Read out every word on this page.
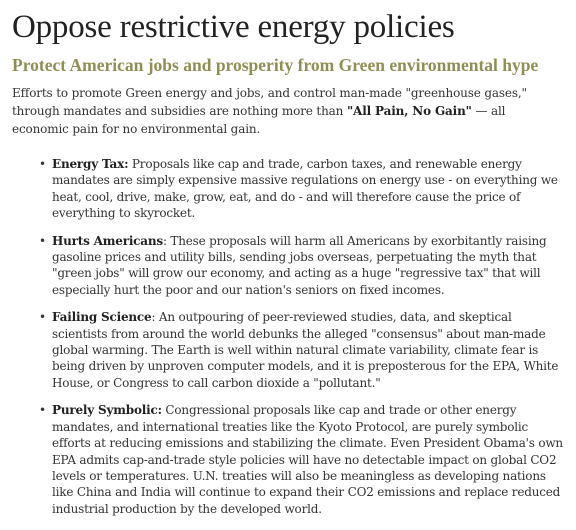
Oppose restrictive energy policies
Protect American jobs and prosperity from Green environmental hype

Efforts to promote Green energy and jobs, and control man-made "greenhouse gases," through mandates and subsidies are nothing more than "All Pain, No Gain" — all economic pain for no environmental gain.

• Energy Tax: Proposals like cap and trade, carbon taxes, and renewable energy mandates are simply expensive massive regulations on energy use - on everything we heat, cool, drive, make, grow, eat, and do - and will therefore cause the price of everything to skyrocket.
• Hurts Americans: These proposals will harm all Americans by exorbitantly raising gasoline prices and utility bills, sending jobs overseas, perpetuating the myth that "green jobs" will grow our economy, and acting as a huge "regressive tax" that will especially hurt the poor and our nation's seniors on fixed incomes.
• Failing Science: An outpouring of peer-reviewed studies, data, and skeptical scientists from around the world debunks the alleged "consensus" about man-made global warming. The Earth is well within natural climate variability, climate fear is being driven by unproven computer models, and it is preposterous for the EPA, White House, or Congress to call carbon dioxide a "pollutant."
• Purely Symbolic: Congressional proposals like cap and trade or other energy mandates, and international treaties like the Kyoto Protocol, are purely symbolic efforts at reducing emissions and stabilizing the climate. Even President Obama's own EPA admits cap-and-trade style policies will have no detectable impact on global CO2 levels or temperatures. U.N. treaties will also be meaningless as developing nations like China and India will continue to expand their CO2 emissions and replace reduced industrial production by the developed world.
